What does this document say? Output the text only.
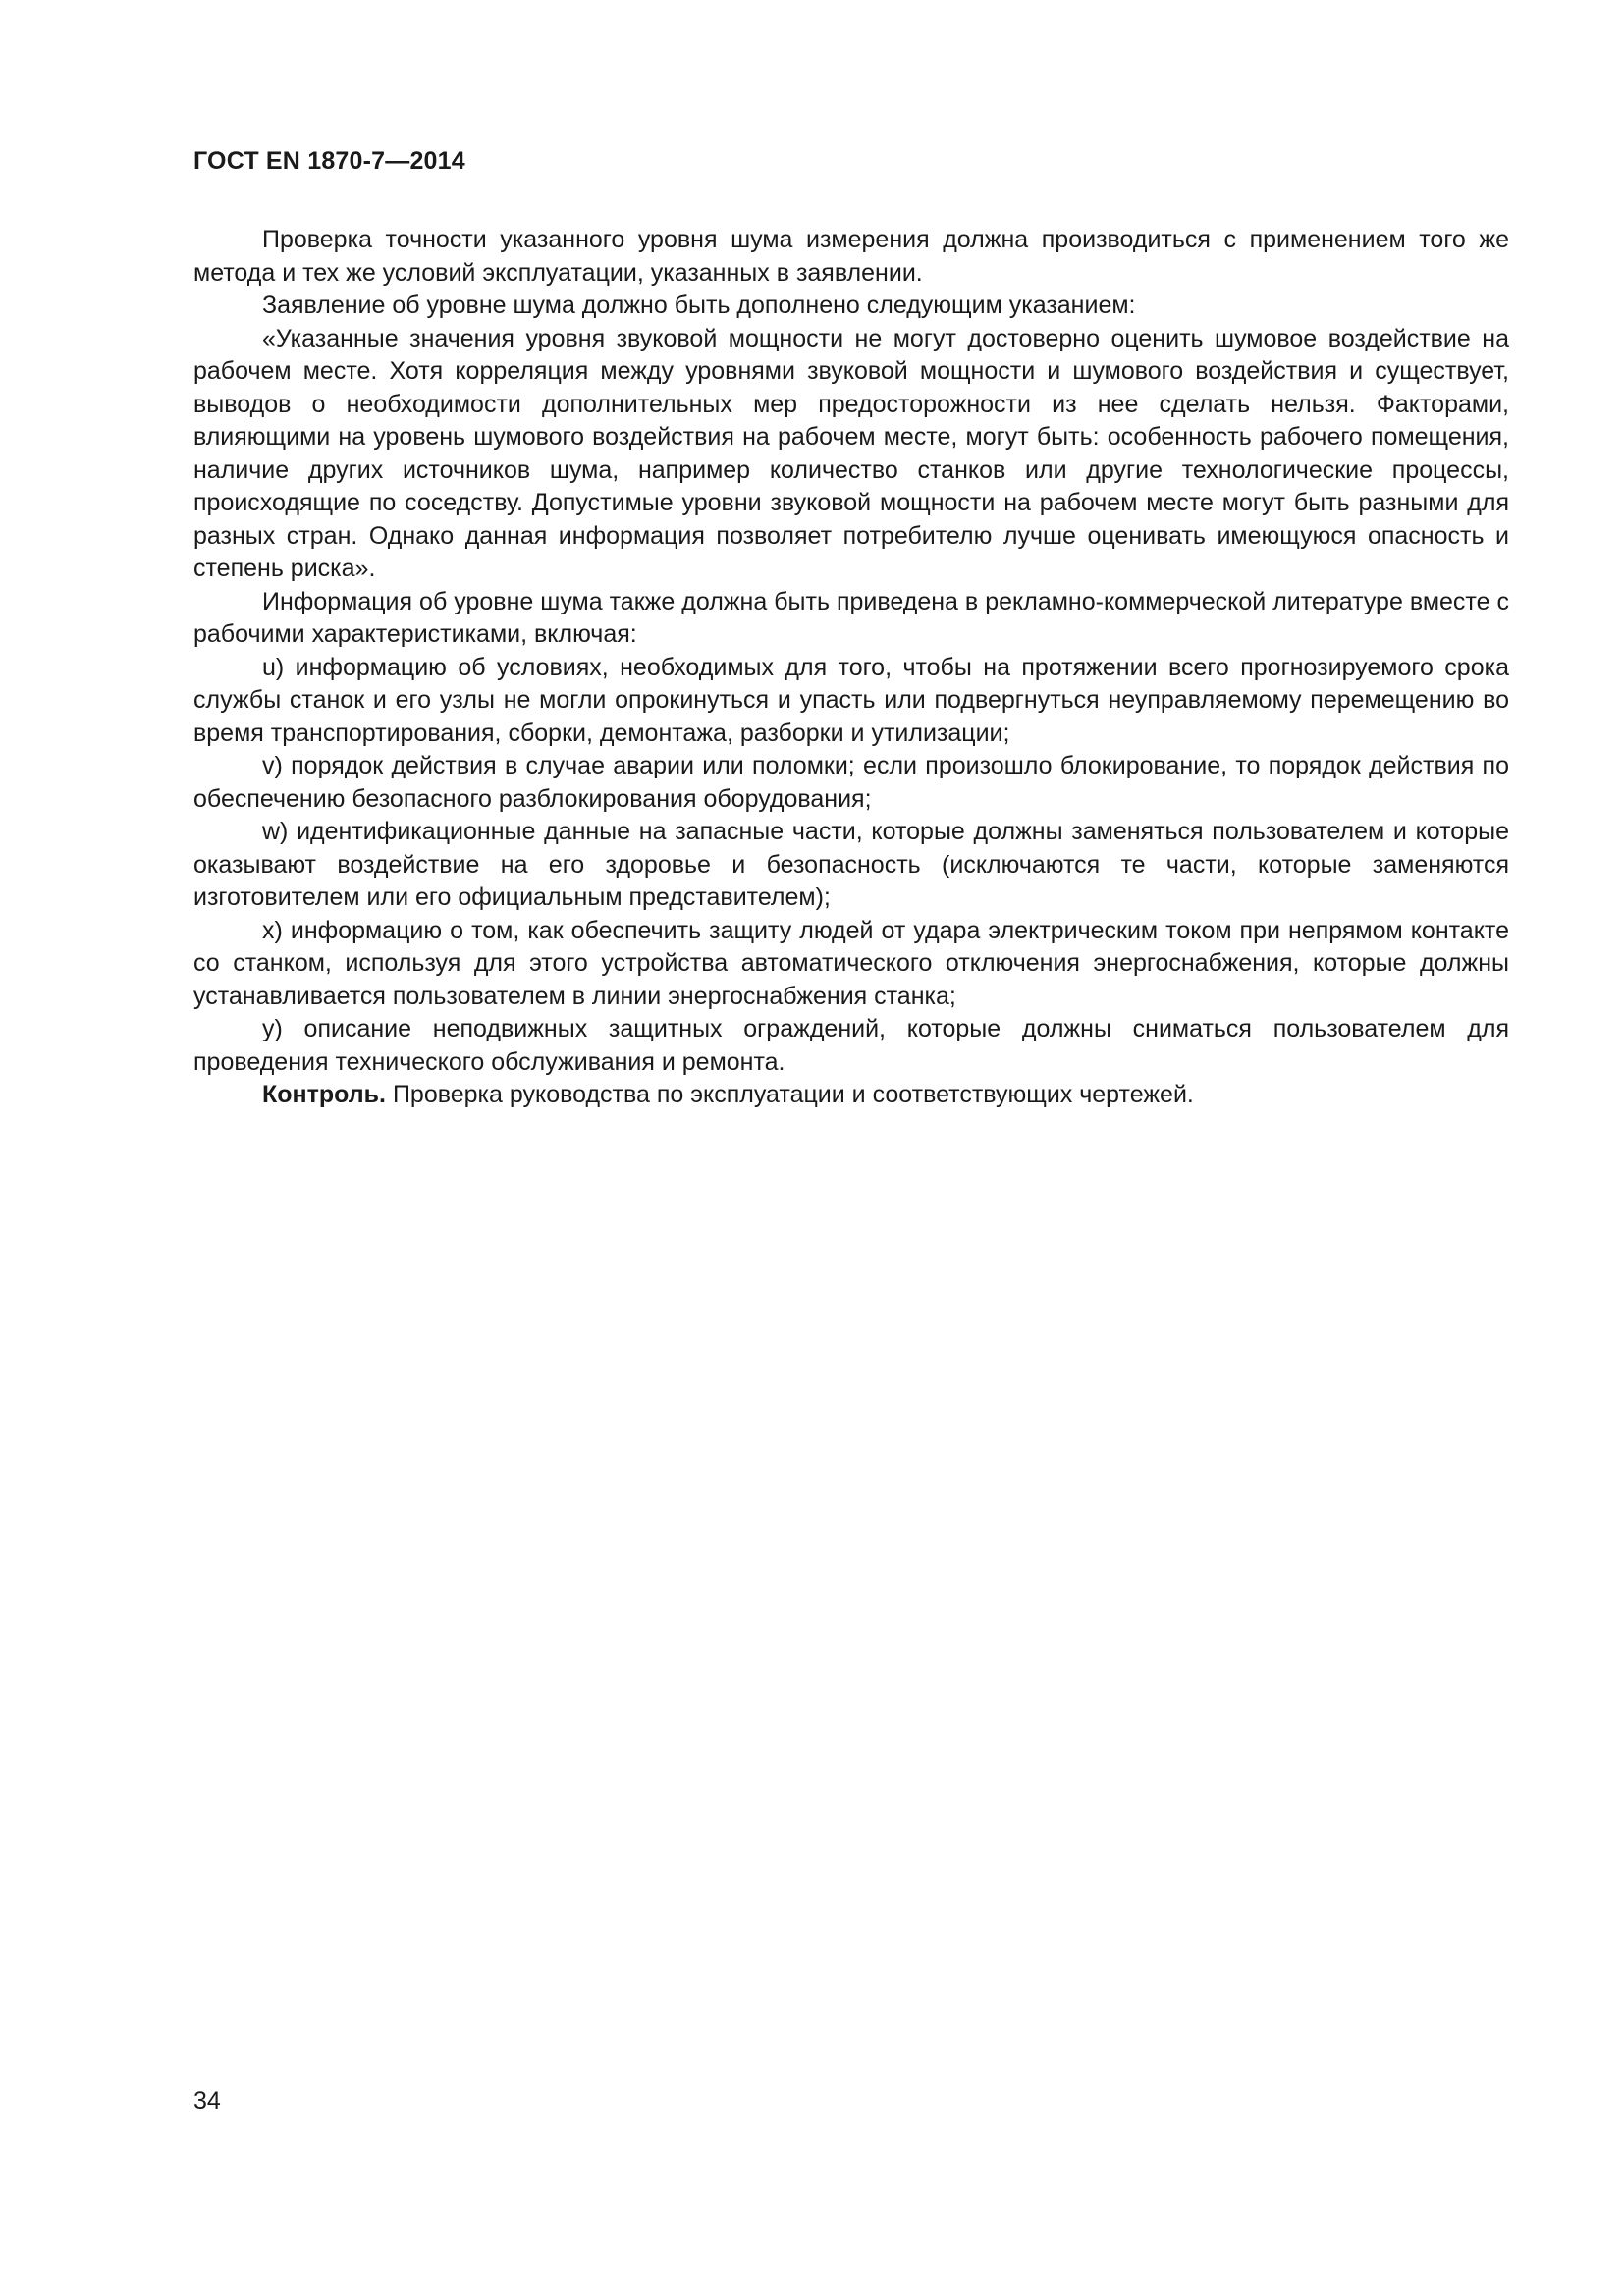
ГОСТ EN 1870-7—2014

Проверка точности указанного уровня шума измерения должна производиться с применением того же метода и тех же условий эксплуатации, указанных в заявлении.

Заявление об уровне шума должно быть дополнено следующим указанием:

«Указанные значения уровня звуковой мощности не могут достоверно оценить шумовое воздействие на рабочем месте. Хотя корреляция между уровнями звуковой мощности и шумового воздействия и существует, выводов о необходимости дополнительных мер предосторожности из нее сделать нельзя. Факторами, влияющими на уровень шумового воздействия на рабочем месте, могут быть: особенность рабочего помещения, наличие других источников шума, например количество станков или другие технологические процессы, происходящие по соседству. Допустимые уровни звуковой мощности на рабочем месте могут быть разными для разных стран. Однако данная информация позволяет потребителю лучше оценивать имеющуюся опасность и степень риска».

Информация об уровне шума также должна быть приведена в рекламно-коммерческой литературе вместе с рабочими характеристиками, включая:

u) информацию об условиях, необходимых для того, чтобы на протяжении всего прогнозируемого срока службы станок и его узлы не могли опрокинуться и упасть или подвергнуться неуправляемому перемещению во время транспортирования, сборки, демонтажа, разборки и утилизации;

v) порядок действия в случае аварии или поломки; если произошло блокирование, то порядок действия по обеспечению безопасного разблокирования оборудования;

w) идентификационные данные на запасные части, которые должны заменяться пользователем и которые оказывают воздействие на его здоровье и безопасность (исключаются те части, которые заменяются изготовителем или его официальным представителем);

x) информацию о том, как обеспечить защиту людей от удара электрическим током при непрямом контакте со станком, используя для этого устройства автоматического отключения энергоснабжения, которые должны устанавливается пользователем в линии энергоснабжения станка;

y) описание неподвижных защитных ограждений, которые должны сниматься пользователем для проведения технического обслуживания и ремонта.

Контроль. Проверка руководства по эксплуатации и соответствующих чертежей.

34
